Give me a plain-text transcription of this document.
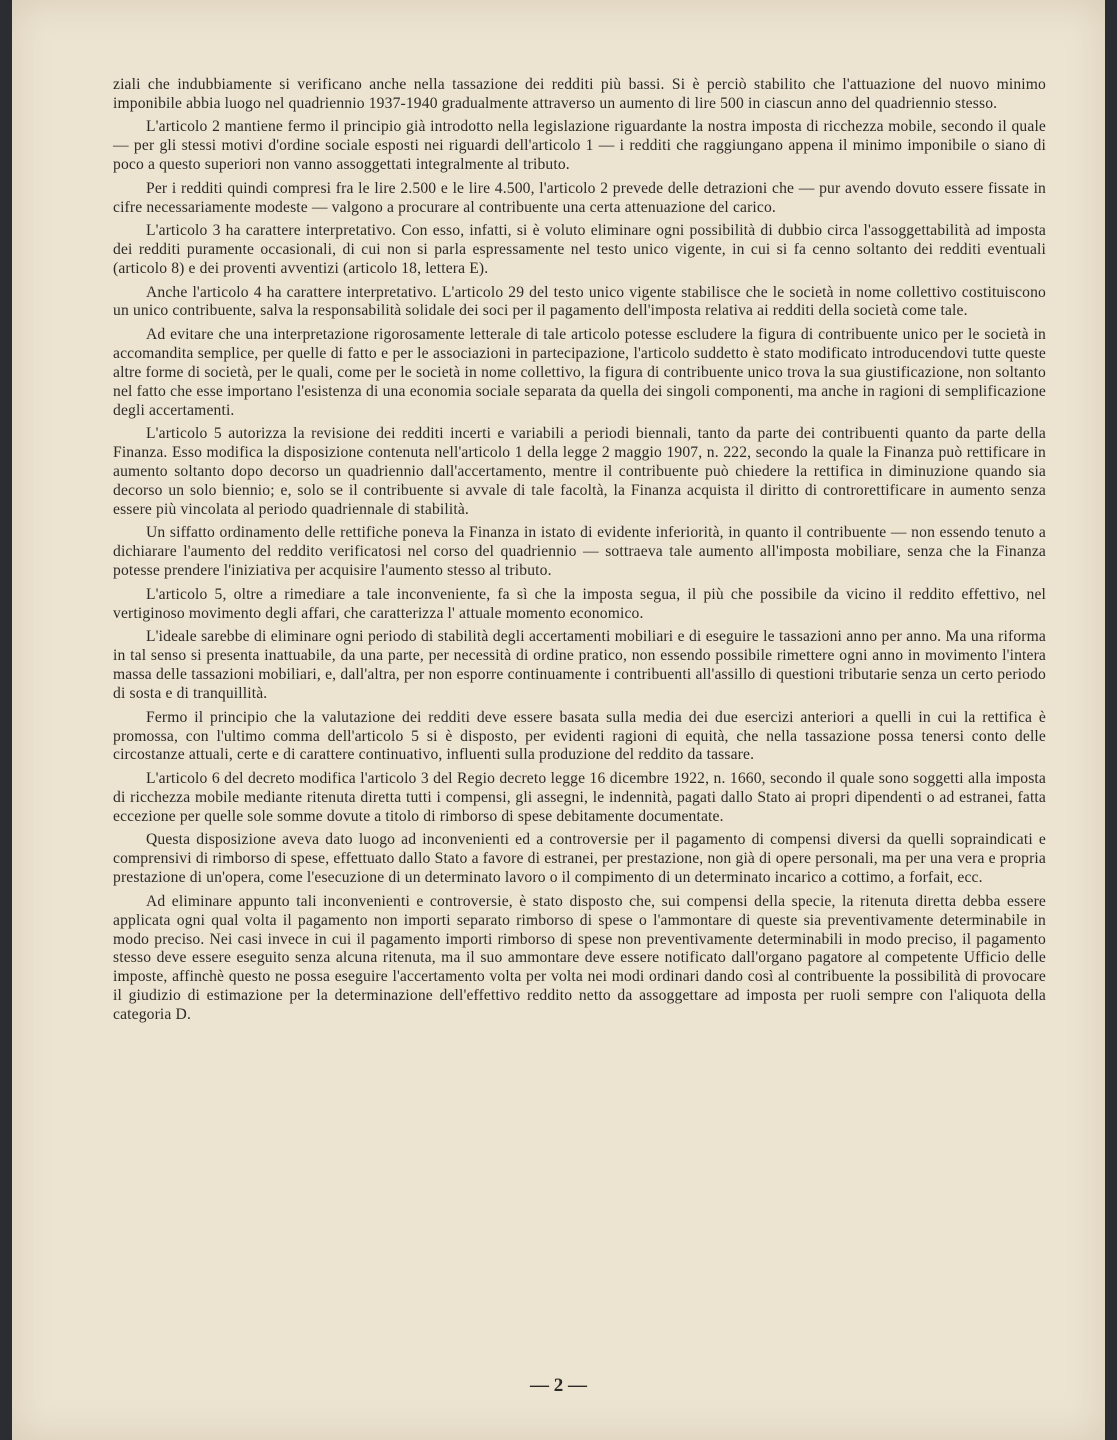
ziali che indubbiamente si verificano anche nella tassazione dei redditi più bassi. Si è perciò stabilito che l'attuazione del nuovo minimo imponibile abbia luogo nel quadriennio 1937-1940 gradualmente attraverso un aumento di lire 500 in ciascun anno del quadriennio stesso.

L'articolo 2 mantiene fermo il principio già introdotto nella legislazione riguardante la nostra imposta di ricchezza mobile, secondo il quale — per gli stessi motivi d'ordine sociale esposti nei riguardi dell'articolo 1 — i redditi che raggiungano appena il minimo imponibile o siano di poco a questo superiori non vanno assoggettati integralmente al tributo.

Per i redditi quindi compresi fra le lire 2.500 e le lire 4.500, l'articolo 2 prevede delle detrazioni che — pur avendo dovuto essere fissate in cifre necessariamente modeste — valgono a procurare al contribuente una certa attenuazione del carico.

L'articolo 3 ha carattere interpretativo. Con esso, infatti, si è voluto eliminare ogni possibilità di dubbio circa l'assoggettabilità ad imposta dei redditi puramente occasionali, di cui non si parla espressamente nel testo unico vigente, in cui si fa cenno soltanto dei redditi eventuali (articolo 8) e dei proventi avventizi (articolo 18, lettera E).

Anche l'articolo 4 ha carattere interpretativo. L'articolo 29 del testo unico vigente stabilisce che le società in nome collettivo costituiscono un unico contribuente, salva la responsabilità solidale dei soci per il pagamento dell'imposta relativa ai redditi della società come tale.

Ad evitare che una interpretazione rigorosamente letterale di tale articolo potesse escludere la figura di contribuente unico per le società in accomandita semplice, per quelle di fatto e per le associazioni in partecipazione, l'articolo suddetto è stato modificato introducendovi tutte queste altre forme di società, per le quali, come per le società in nome collettivo, la figura di contribuente unico trova la sua giustificazione, non soltanto nel fatto che esse importano l'esistenza di una economia sociale separata da quella dei singoli componenti, ma anche in ragioni di semplificazione degli accertamenti.

L'articolo 5 autorizza la revisione dei redditi incerti e variabili a periodi biennali, tanto da parte dei contribuenti quanto da parte della Finanza. Esso modifica la disposizione contenuta nell'articolo 1 della legge 2 maggio 1907, n. 222, secondo la quale la Finanza può rettificare in aumento soltanto dopo decorso un quadriennio dall'accertamento, mentre il contribuente può chiedere la rettifica in diminuzione quando sia decorso un solo biennio; e, solo se il contribuente si avvale di tale facoltà, la Finanza acquista il diritto di controrettificare in aumento senza essere più vincolata al periodo quadriennale di stabilità.

Un siffatto ordinamento delle rettifiche poneva la Finanza in istato di evidente inferiorità, in quanto il contribuente — non essendo tenuto a dichiarare l'aumento del reddito verificatosi nel corso del quadriennio — sottraeva tale aumento all'imposta mobiliare, senza che la Finanza potesse prendere l'iniziativa per acquisire l'aumento stesso al tributo.

L'articolo 5, oltre a rimediare a tale inconveniente, fa sì che la imposta segua, il più che possibile da vicino il reddito effettivo, nel vertiginoso movimento degli affari, che caratterizza l' attuale momento economico.

L'ideale sarebbe di eliminare ogni periodo di stabilità degli accertamenti mobiliari e di eseguire le tassazioni anno per anno. Ma una riforma in tal senso si presenta inattuabile, da una parte, per necessità di ordine pratico, non essendo possibile rimettere ogni anno in movimento l'intera massa delle tassazioni mobiliari, e, dall'altra, per non esporre continuamente i contribuenti all'assillo di questioni tributarie senza un certo periodo di sosta e di tranquillità.

Fermo il principio che la valutazione dei redditi deve essere basata sulla media dei due esercizi anteriori a quelli in cui la rettifica è promossa, con l'ultimo comma dell'articolo 5 si è disposto, per evidenti ragioni di equità, che nella tassazione possa tenersi conto delle circostanze attuali, certe e di carattere continuativo, influenti sulla produzione del reddito da tassare.

L'articolo 6 del decreto modifica l'articolo 3 del Regio decreto legge 16 dicembre 1922, n. 1660, secondo il quale sono soggetti alla imposta di ricchezza mobile mediante ritenuta diretta tutti i compensi, gli assegni, le indennità, pagati dallo Stato ai propri dipendenti o ad estranei, fatta eccezione per quelle sole somme dovute a titolo di rimborso di spese debitamente documentate.

Questa disposizione aveva dato luogo ad inconvenienti ed a controversie per il pagamento di compensi diversi da quelli sopraindicati e comprensivi di rimborso di spese, effettuato dallo Stato a favore di estranei, per prestazione, non già di opere personali, ma per una vera e propria prestazione di un'opera, come l'esecuzione di un determinato lavoro o il compimento di un determinato incarico a cottimo, a forfait, ecc.

Ad eliminare appunto tali inconvenienti e controversie, è stato disposto che, sui compensi della specie, la ritenuta diretta debba essere applicata ogni qual volta il pagamento non importi separato rimborso di spese o l'ammontare di queste sia preventivamente determinabile in modo preciso. Nei casi invece in cui il pagamento importi rimborso di spese non preventivamente determinabili in modo preciso, il pagamento stesso deve essere eseguito senza alcuna ritenuta, ma il suo ammontare deve essere notificato dall'organo pagatore al competente Ufficio delle imposte, affinchè questo ne possa eseguire l'accertamento volta per volta nei modi ordinari dando così al contribuente la possibilità di provocare il giudizio di estimazione per la determinazione dell'effettivo reddito netto da assoggettare ad imposta per ruoli sempre con l'aliquota della categoria D.

— 2 —
